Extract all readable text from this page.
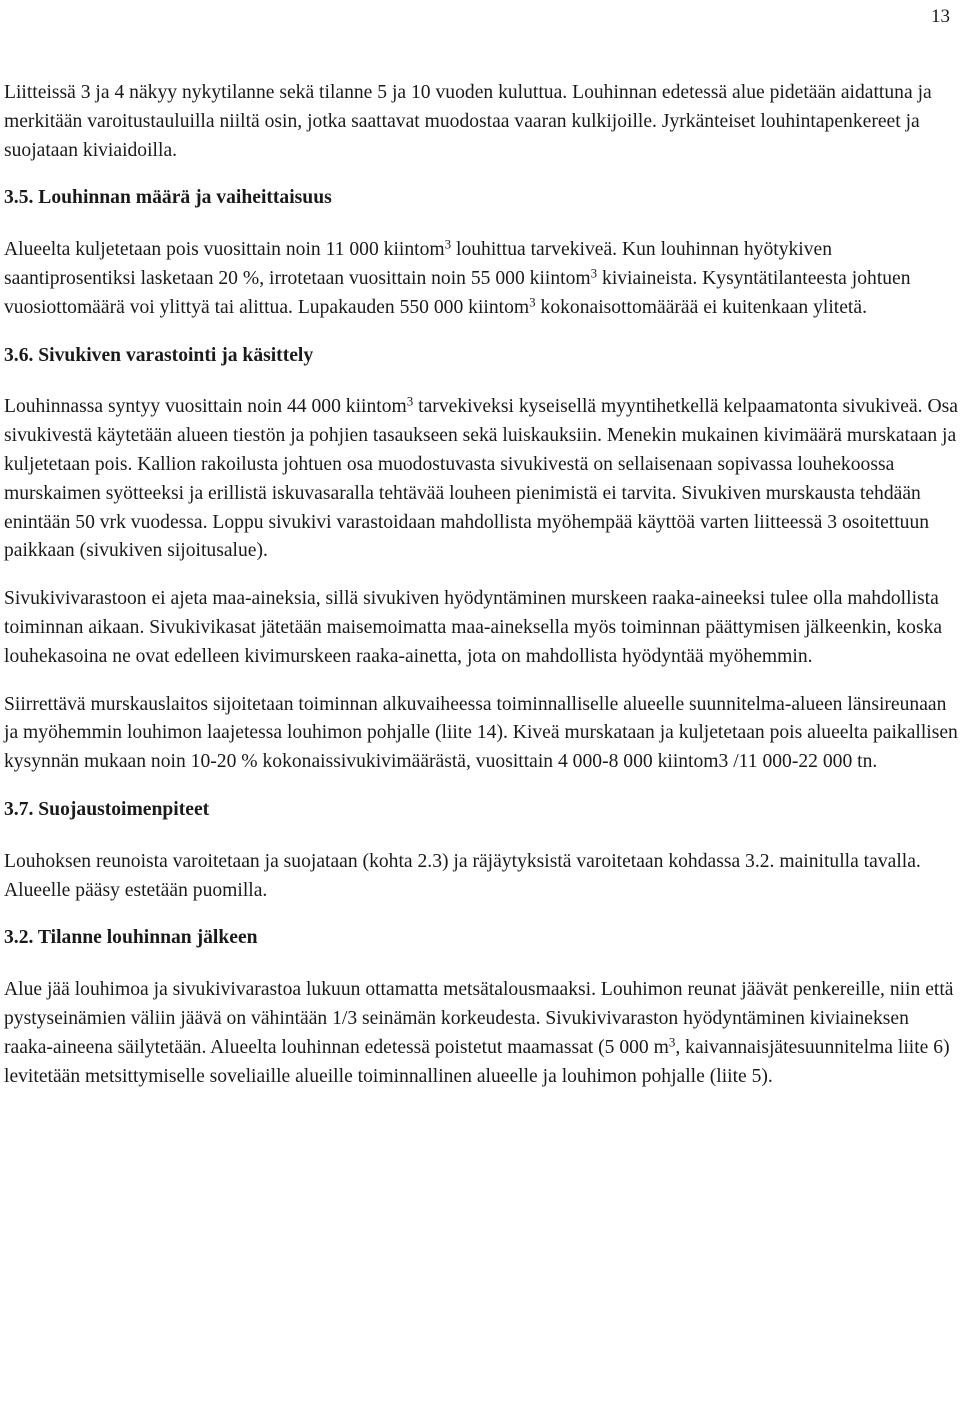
13

Liitteissä 3 ja 4 näkyy nykytilanne sekä tilanne 5 ja 10 vuoden kuluttua. Louhinnan edetessä alue pidetään aidattuna ja merkitään varoitustauluilla niiltä osin, jotka saattavat muodostaa vaaran kulkijoille. Jyrkänteiset louhintapenkereet ja suojataan kiviaidoilla.

3.5. Louhinnan määrä ja vaiheittaisuus

Alueelta kuljetetaan pois vuosittain noin 11 000 kiintom$^3$ louhittua tarvekiveä. Kun louhinnan hyötykiven saantiprosentiksi lasketaan 20 %, irrotetaan vuosittain noin 55 000 kiintom$^3$ kiviaineista. Kysyntätilanteesta johtuen vuosiottomäärä voi ylittyä tai alittua. Lupakauden 550 000 kiintom$^3$ kokonaisottomäärää ei kuitenkaan ylitetä.

3.6. Sivukiven varastointi ja käsittely

Louhinnassa syntyy vuosittain noin 44 000 kiintom$^3$ tarvekiveksi kyseisellä myyntihetkellä kelpaamatonta sivukiveä. Osa sivukivestä käytetään alueen tiestön ja pohjien tasaukseen sekä luiskauksiin. Menekin mukainen kivimäärä murskataan ja kuljetetaan pois. Kallion rakoilusta johtuen osa muodostuvasta sivukivestä on sellaisenaan sopivassa louhekoossa murskaimen syötteeksi ja erillistä iskuvasaralla tehtävää louheen pienimistä ei tarvita. Sivukiven murskausta tehdään enintään 50 vrk vuodessa. Loppu sivukivi varastoidaan mahdollista myöhempää käyttöä varten liitteessä 3 osoitettuun paikkaan (sivukiven sijoitusalue).

Sivukivivarastoon ei ajeta maa-aineksia, sillä sivukiven hyödyntäminen murskeen raaka-aineeksi tulee olla mahdollista toiminnan aikaan. Sivukivikasat jätetään maisemoimatta maa-aineksella myös toiminnan päättymisen jälkeenkin, koska louhekasoina ne ovat edelleen kivimurskeen raaka-ainetta, jota on mahdollista hyödyntää myöhemmin.

Siirrettävä murskauslaitos sijoitetaan toiminnan alkuvaiheessa toiminnalliselle alueelle suunnitelma-alueen länsireunaan ja myöhemmin louhimon laajetessa louhimon pohjalle (liite 14). Kiveä murskataan ja kuljetetaan pois alueelta paikallisen kysynnän mukaan noin 10-20 % kokonaissivukivimäärästä, vuosittain 4 000-8 000 kiintom3 /11 000-22 000 tn.

3.7. Suojaustoimenpiteet

Louhoksen reunoista varoitetaan ja suojataan (kohta 2.3) ja räjäytyksistä varoitetaan kohdassa 3.2. mainitulla tavalla. Alueelle pääsy estetään puomilla.

3.2. Tilanne louhinnan jälkeen

Alue jää louhimoa ja sivukivivarastoa lukuun ottamatta metsätalousmaaksi. Louhimon reunat jäävät penkereille, niin että pystyseinämien väliin jäävä on vähintään 1/3 seinämän korkeudesta. Sivukivivaraston hyödyntäminen kiviaineksen raaka-aineena säilytetään. Alueelta louhinnan edetessä poistetut maamassat (5 000 $m^3$, kaivannaisjätesuunnitelma liite 6) levitetään metsittymiselle soveliaille alueille toiminnallinen alueelle ja louhimon pohjalle (liite 5).
